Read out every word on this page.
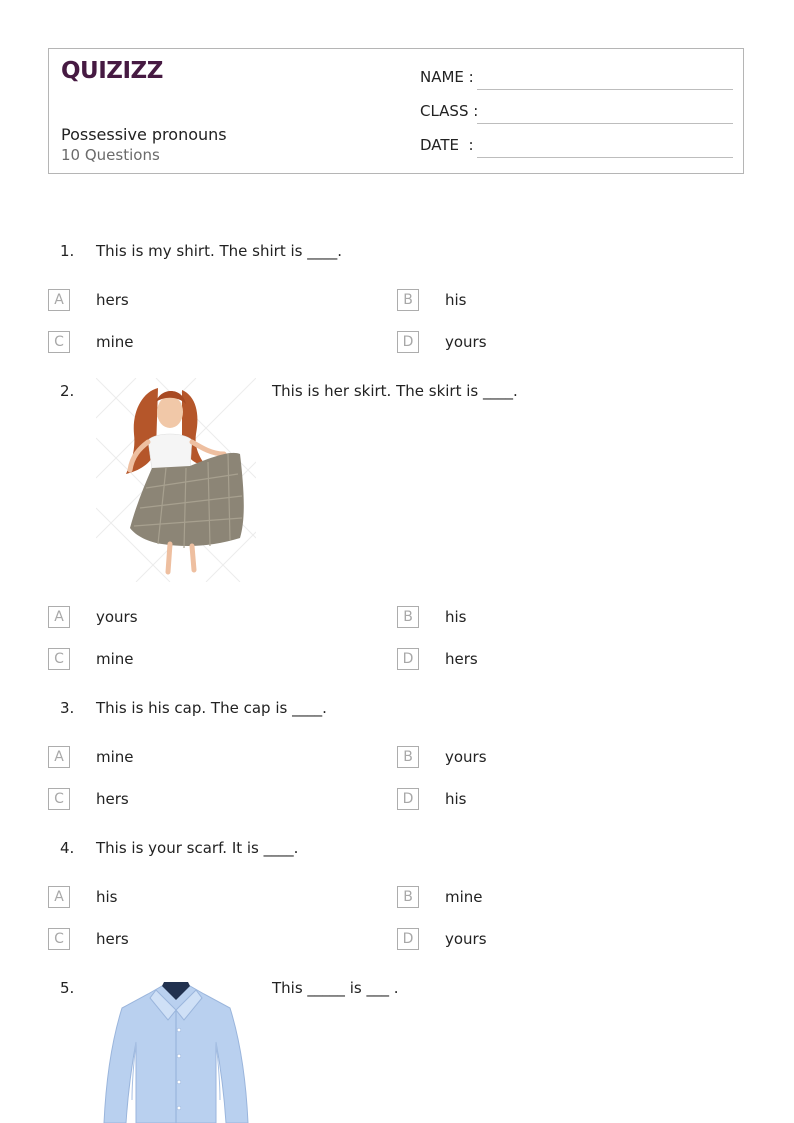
QUIZIZZ
Possessive pronouns
10 Questions
NAME :
CLASS :
DATE  :
1. This is my shirt. The shirt is ____.
A	hers	B	his
C	mine	D	yours
2.	This is her skirt. The skirt is ____.
A	yours	B	his
C	mine	D	hers
3. This is his cap. The cap is ____.
A	mine	B	yours
C	hers	D	his
4. This is your scarf. It is ____.
A	his	B	mine
C	hers	D	yours
5.	This _____ is ___ .
